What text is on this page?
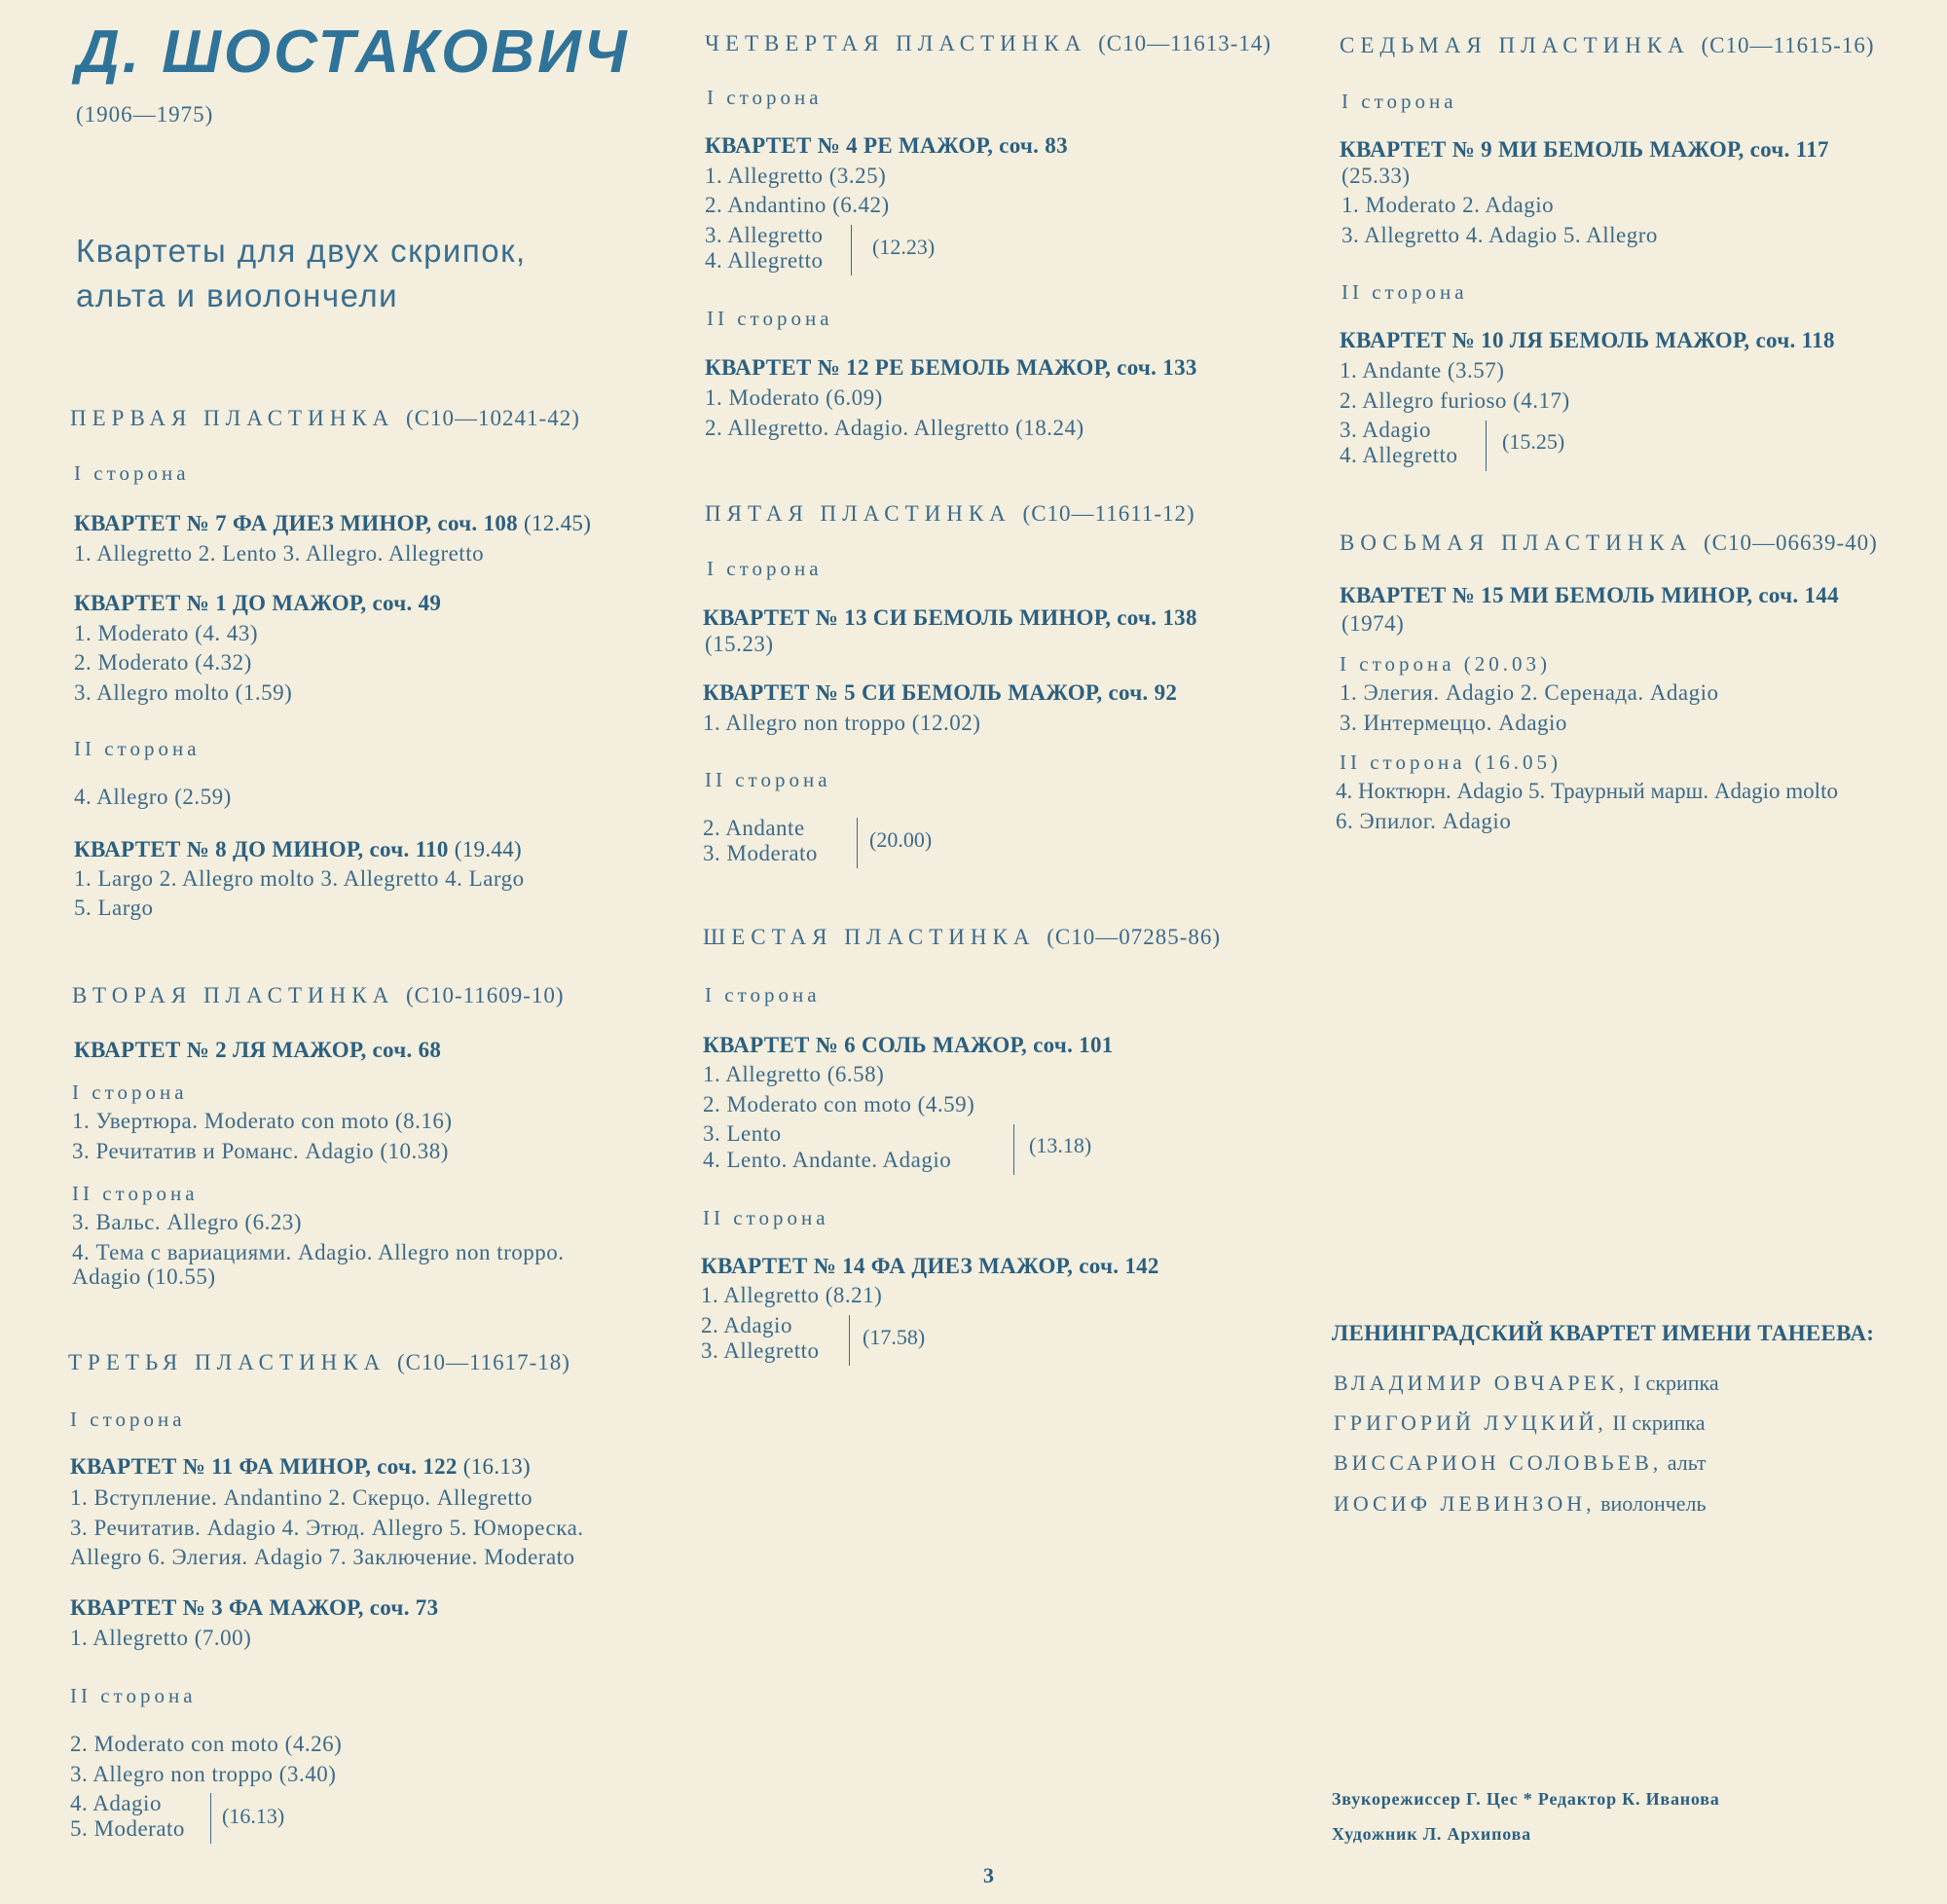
Д. ШОСТАКОВИЧ
(1906—1975)
Квартеты для двух скрипок,
альта и виолончели
ПЕРВАЯ ПЛАСТИНКА (С10—10241-42)
I сторона
КВАРТЕТ № 7 ФА ДИЕЗ МИНОР, соч. 108 (12.45)
1. Allegretto 2. Lento 3. Allegro. Allegretto
КВАРТЕТ № 1 ДО МАЖОР, соч. 49
1. Moderato (4. 43)
2. Moderato (4.32)
3. Allegro molto (1.59)
II сторона
4. Allegro (2.59)
КВАРТЕТ № 8 ДО МИНОР, соч. 110 (19.44)
1. Largo 2. Allegro molto 3. Allegretto 4. Largo
5. Largo
ВТОРАЯ ПЛАСТИНКА (С10-11609-10)
КВАРТЕТ № 2 ЛЯ МАЖОР, соч. 68
I сторона
1. Увертюра. Moderato con moto (8.16)
3. Речитатив и Романс. Adagio (10.38)
II сторона
3. Вальс. Allegro (6.23)
4. Тема с вариациями. Adagio. Allegro non troppo.
Adagio (10.55)
ТРЕТЬЯ ПЛАСТИНКА (С10—11617-18)
I сторона
КВАРТЕТ № 11 ФА МИНОР, соч. 122 (16.13)
1. Вступление. Andantino 2. Скерцо. Allegretto
3. Речитатив. Adagio 4. Этюд. Allegro 5. Юмореска.
Allegro 6. Элегия. Adagio 7. Заключение. Moderato
КВАРТЕТ № 3 ФА МАЖОР, соч. 73
1. Allegretto (7.00)
II сторона
2. Moderato con moto (4.26)
3. Allegro non troppo (3.40)
4. Adagio
5. Moderato
(16.13)
ЧЕТВЕРТАЯ ПЛАСТИНКА (С10—11613-14)
I сторона
КВАРТЕТ № 4 РЕ МАЖОР, соч. 83
1. Allegretto (3.25)
2. Andantino (6.42)
3. Allegretto
4. Allegretto
(12.23)
II сторона
КВАРТЕТ № 12 РЕ БЕМОЛЬ МАЖОР, соч. 133
1. Moderato (6.09)
2. Allegretto. Adagio. Allegretto (18.24)
ПЯТАЯ ПЛАСТИНКА (С10—11611-12)
I сторона
КВАРТЕТ № 13 СИ БЕМОЛЬ МИНОР, соч. 138
(15.23)
КВАРТЕТ № 5 СИ БЕМОЛЬ МАЖОР, соч. 92
1. Allegro non troppo (12.02)
II сторона
2. Andante
3. Moderato
(20.00)
ШЕСТАЯ ПЛАСТИНКА (С10—07285-86)
I сторона
КВАРТЕТ № 6 СОЛЬ МАЖОР, соч. 101
1. Allegretto (6.58)
2. Moderato con moto (4.59)
3. Lento
4. Lento. Andante. Adagio
(13.18)
II сторона
КВАРТЕТ № 14 ФА ДИЕЗ МАЖОР, соч. 142
1. Allegretto (8.21)
2. Adagio
3. Allegretto
(17.58)
СЕДЬМАЯ ПЛАСТИНКА (С10—11615-16)
I сторона
КВАРТЕТ № 9 МИ БЕМОЛЬ МАЖОР, соч. 117
(25.33)
1. Moderato 2. Adagio
3. Allegretto 4. Adagio 5. Allegro
II сторона
КВАРТЕТ № 10 ЛЯ БЕМОЛЬ МАЖОР, соч. 118
1. Andante (3.57)
2. Allegro furioso (4.17)
3. Adagio
4. Allegretto
(15.25)
ВОСЬМАЯ ПЛАСТИНКА (С10—06639-40)
КВАРТЕТ № 15 МИ БЕМОЛЬ МИНОР, соч. 144
(1974)
I сторона (20.03)
1. Элегия. Adagio 2. Серенада. Adagio
3. Интермеццо. Adagio
II сторона (16.05)
4. Ноктюрн. Adagio 5. Траурный марш. Adagio molto
6. Эпилог. Adagio
ЛЕНИНГРАДСКИЙ КВАРТЕТ ИМЕНИ ТАНЕЕВА:
ВЛАДИМИР ОВЧАРЕК, I скрипка
ГРИГОРИЙ ЛУЦКИЙ, II скрипка
ВИССАРИОН СОЛОВЬЕВ, альт
ИОСИФ ЛЕВИНЗОН, виолончель
Звукорежиссер Г. Цес * Редактор К. Иванова
Художник Л. Архипова
3
